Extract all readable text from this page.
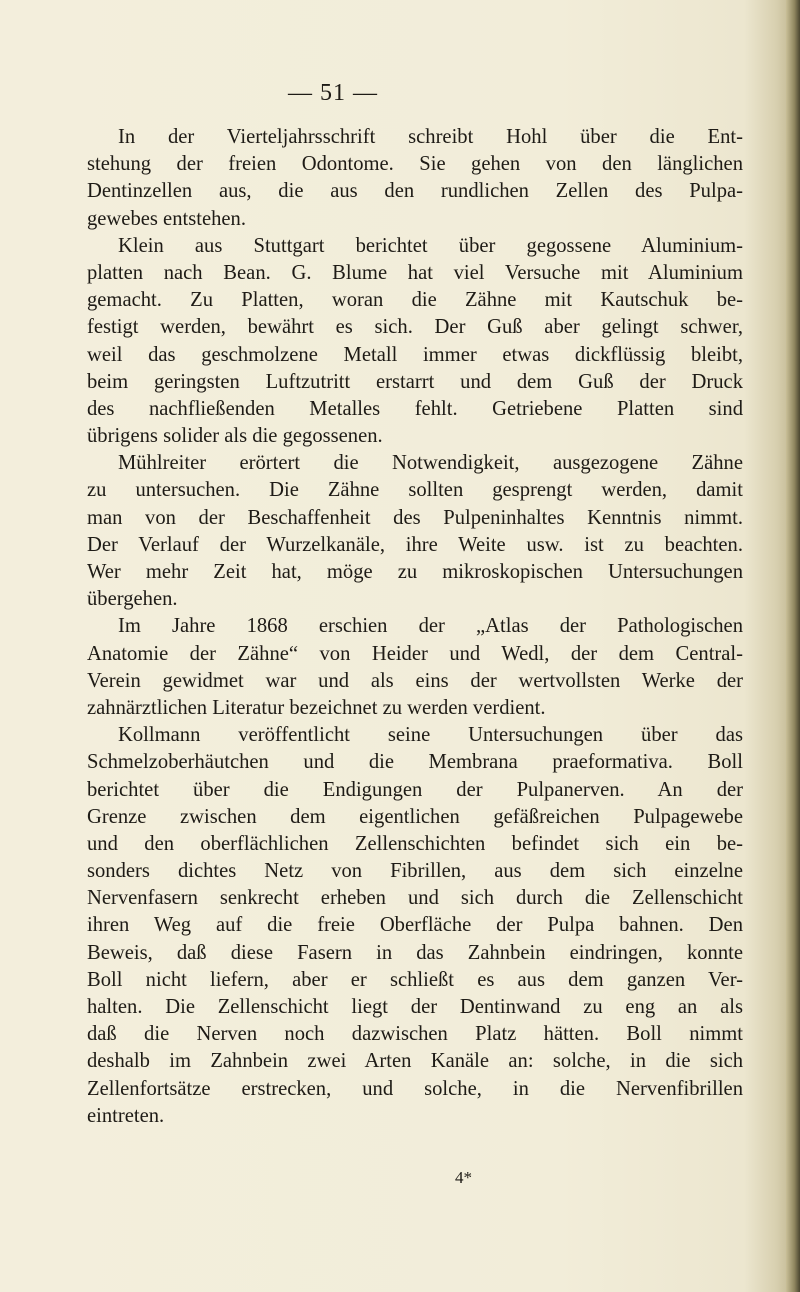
— 51 —

In der Vierteljahrsschrift schreibt Hohl über die Ent-
stehung der freien Odontome. Sie gehen von den länglichen
Dentinzellen aus, die aus den rundlichen Zellen des Pulpa-
gewebes entstehen.

Klein aus Stuttgart berichtet über gegossene Aluminium-
platten nach Bean. G. Blume hat viel Versuche mit Aluminium
gemacht. Zu Platten, woran die Zähne mit Kautschuk be-
festigt werden, bewährt es sich. Der Guß aber gelingt schwer,
weil das geschmolzene Metall immer etwas dickflüssig bleibt,
beim geringsten Luftzutritt erstarrt und dem Guß der Druck
des nachfließenden Metalles fehlt. Getriebene Platten sind
übrigens solider als die gegossenen.

Mühlreiter erörtert die Notwendigkeit, ausgezogene Zähne
zu untersuchen. Die Zähne sollten gesprengt werden, damit
man von der Beschaffenheit des Pulpeninhaltes Kenntnis nimmt.
Der Verlauf der Wurzelkanäle, ihre Weite usw. ist zu beachten.
Wer mehr Zeit hat, möge zu mikroskopischen Untersuchungen
übergehen.

Im Jahre 1868 erschien der „Atlas der Pathologischen
Anatomie der Zähne“ von Heider und Wedl, der dem Central-
Verein gewidmet war und als eins der wertvollsten Werke der
zahnärztlichen Literatur bezeichnet zu werden verdient.

Kollmann veröffentlicht seine Untersuchungen über das
Schmelzoberhäutchen und die Membrana praeformativa. Boll
berichtet über die Endigungen der Pulpanerven. An der
Grenze zwischen dem eigentlichen gefäßreichen Pulpagewebe
und den oberflächlichen Zellenschichten befindet sich ein be-
sonders dichtes Netz von Fibrillen, aus dem sich einzelne
Nervenfasern senkrecht erheben und sich durch die Zellenschicht
ihren Weg auf die freie Oberfläche der Pulpa bahnen. Den
Beweis, daß diese Fasern in das Zahnbein eindringen, konnte
Boll nicht liefern, aber er schließt es aus dem ganzen Ver-
halten. Die Zellenschicht liegt der Dentinwand zu eng an als
daß die Nerven noch dazwischen Platz hätten. Boll nimmt
deshalb im Zahnbein zwei Arten Kanäle an: solche, in die sich
Zellenfortsätze erstrecken, und solche, in die Nervenfibrillen
eintreten.

4*
